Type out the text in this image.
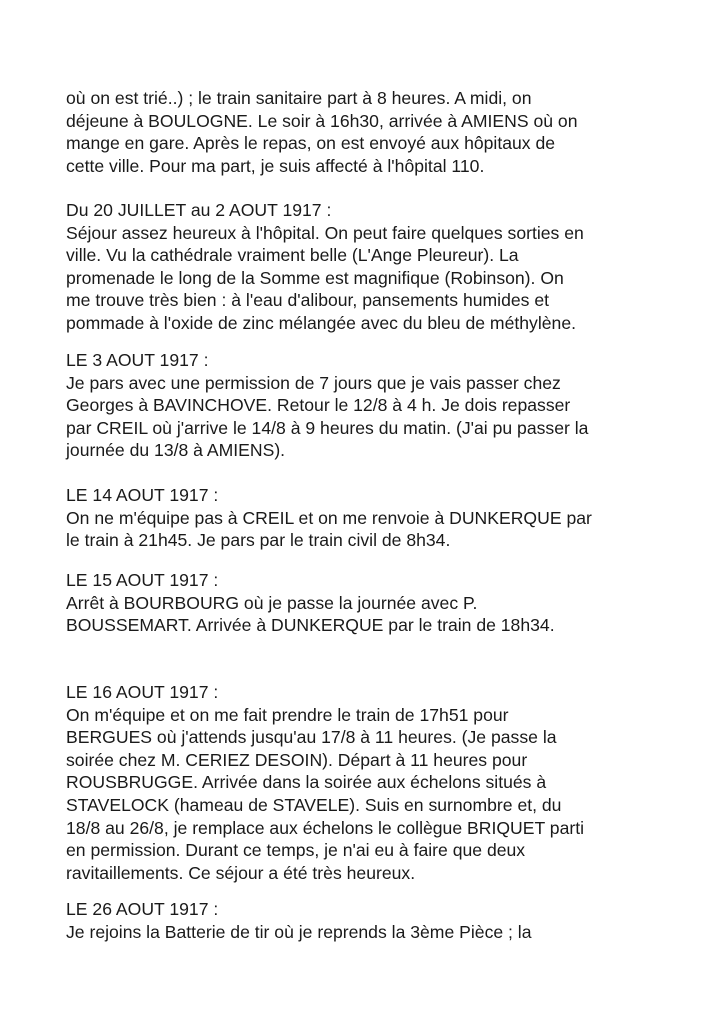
où on est trié..) ; le train sanitaire part à 8 heures. A midi, on
déjeune à BOULOGNE. Le soir à 16h30, arrivée à AMIENS où on
mange en gare. Après le repas, on est envoyé aux hôpitaux de
cette ville. Pour ma part, je suis affecté à l'hôpital 110.
Du 20 JUILLET au 2 AOUT 1917 :
Séjour assez heureux à l'hôpital. On peut faire quelques sorties en
ville. Vu la cathédrale vraiment belle (L'Ange Pleureur). La
promenade le long de la Somme est magnifique (Robinson). On
me trouve très bien : à l'eau d'alibour, pansements humides et
pommade à l'oxide de zinc mélangée avec du bleu de méthylène.
LE 3 AOUT 1917 :
Je pars avec une permission de 7 jours que je vais passer chez
Georges à BAVINCHOVE. Retour le 12/8 à 4 h. Je dois repasser
par CREIL où j'arrive le 14/8 à 9 heures du matin. (J'ai pu passer la
journée du 13/8 à AMIENS).
LE 14 AOUT 1917 :
On ne m'équipe pas à CREIL et on me renvoie à DUNKERQUE par
le train à 21h45. Je pars par le train civil de 8h34.
LE 15 AOUT 1917 :
Arrêt à BOURBOURG où je passe la journée avec P.
BOUSSEMART. Arrivée à DUNKERQUE par le train de 18h34.
LE 16 AOUT 1917 :
On m'équipe et on me fait prendre le train de 17h51 pour
BERGUES où j'attends jusqu'au 17/8 à 11 heures. (Je passe la
soirée chez M. CERIEZ DESOIN). Départ à 11 heures pour
ROUSBRUGGE. Arrivée dans la soirée aux échelons situés à
STAVELOCK (hameau de STAVELE). Suis en surnombre et, du
18/8 au 26/8, je remplace aux échelons le collègue BRIQUET parti
en permission. Durant ce temps, je n'ai eu à faire que deux
ravitaillements. Ce séjour a été très heureux.
LE 26 AOUT 1917 :
Je rejoins la Batterie de tir où je reprends la 3ème Pièce ; la
